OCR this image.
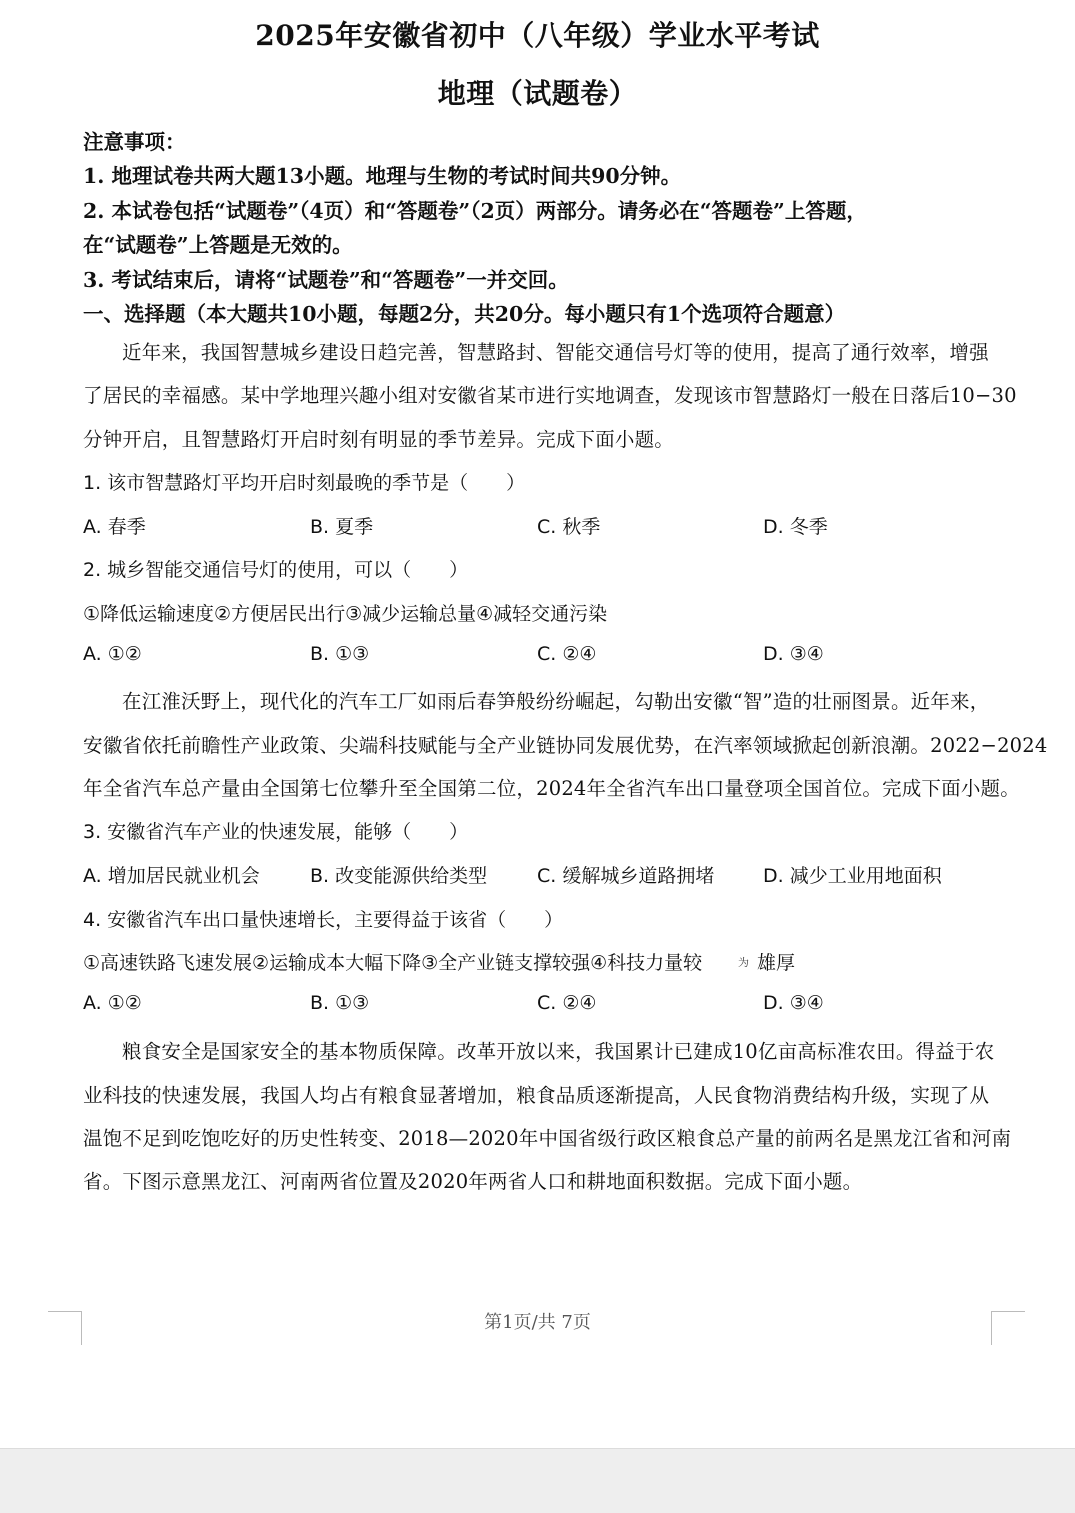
2025年安徽省初中（八年级）学业水平考试
地理（试题卷）
注意事项：
1. 地理试卷共两大题13小题。地理与生物的考试时间共90分钟。
2. 本试卷包括“试题卷”（4页）和“答题卷”（2页）两部分。请务必在“答题卷”上答题，
在“试题卷”上答题是无效的。
3. 考试结束后，请将“试题卷”和“答题卷”一并交回。
一、选择题（本大题共10小题，每题2分，共20分。每小题只有1个选项符合题意）
近年来，我国智慧城乡建设日趋完善，智慧路封、智能交通信号灯等的使用，提高了通行效率，增强
了居民的幸福感。某中学地理兴趣小组对安徽省某市进行实地调查，发现该市智慧路灯一般在日落后10−30
分钟开启，且智慧路灯开启时刻有明显的季节差异。完成下面小题。
1. 该市智慧路灯平均开启时刻最晚的季节是（　　）
A. 春季	B. 夏季	C. 秋季	D. 冬季
2. 城乡智能交通信号灯的使用，可以（　　）
①降低运输速度②方便居民出行③减少运输总量④减轻交通污染
A. ①②	B. ①③	C. ②④	D. ③④
在江淮沃野上，现代化的汽车工厂如雨后春笋般纷纷崛起，勾勒出安徽“智”造的壮丽图景。近年来，
安徽省依托前瞻性产业政策、尖端科技赋能与全产业链协同发展优势，在汽率领域掀起创新浪潮。2022−2024
年全省汽车总产量由全国第七位攀升至全国第二位，2024年全省汽车出口量登项全国首位。完成下面小题。
3. 安徽省汽车产业的快速发展，能够（　　）
A. 增加居民就业机会	B. 改变能源供给类型	C. 缓解城乡道路拥堵	D. 减少工业用地面积
4. 安徽省汽车出口量快速增长，主要得益于该省（　　）
①高速铁路飞速发展②运输成本大幅下降③全产业链支撑较强④科技力量较	为 雄厚
A. ①②	B. ①③	C. ②④	D. ③④
粮食安全是国家安全的基本物质保障。改革开放以来，我国累计已建成10亿亩高标准农田。得益于农
业科技的快速发展，我国人均占有粮食显著增加，粮食品质逐渐提高，人民食物消费结构升级，实现了从
温饱不足到吃饱吃好的历史性转变、2018—2020年中国省级行政区粮食总产量的前两名是黑龙江省和河南
省。下图示意黑龙江、河南两省位置及2020年两省人口和耕地面积数据。完成下面小题。
第1页/共 7页
